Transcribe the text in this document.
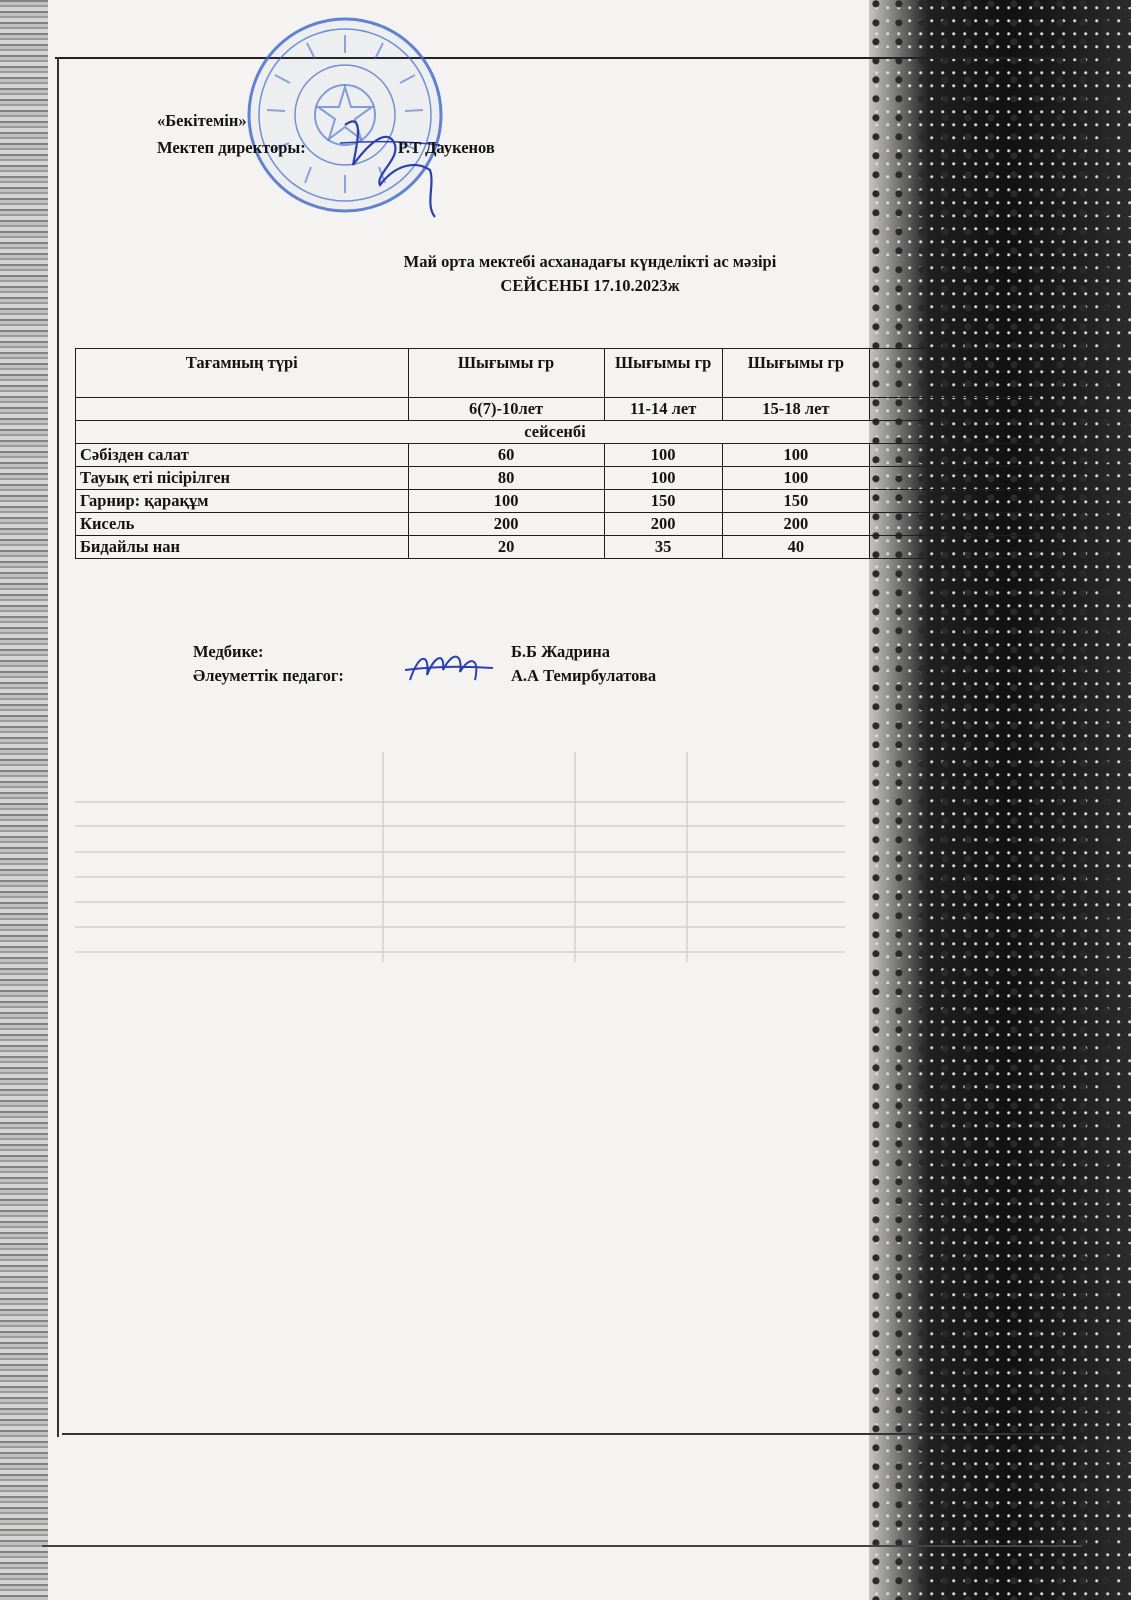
«Бекітемін»
Мектеп директоры:	Р.Т Даукенов
Май орта мектебі асханадағы күнделікті ас мәзірі
СЕЙСЕНБІ 17.10.2023ж
Тағамның түрі	Шығымы гр	Шығымы гр	Шығымы гр	
	6(7)-10лет	11-14 лет	15-18 лет	
сейсенбі				
Сәбізден салат	60	100	100	
Тауық еті пісірілген	80	100	100	
Гарнир: қарақұм	100	150	150	
Кисель	200	200	200	
Бидайлы нан	20	35	40	
Медбике:	Б.Б Жадрина
Әлеуметтік педагог:	А.А Темирбулатова
